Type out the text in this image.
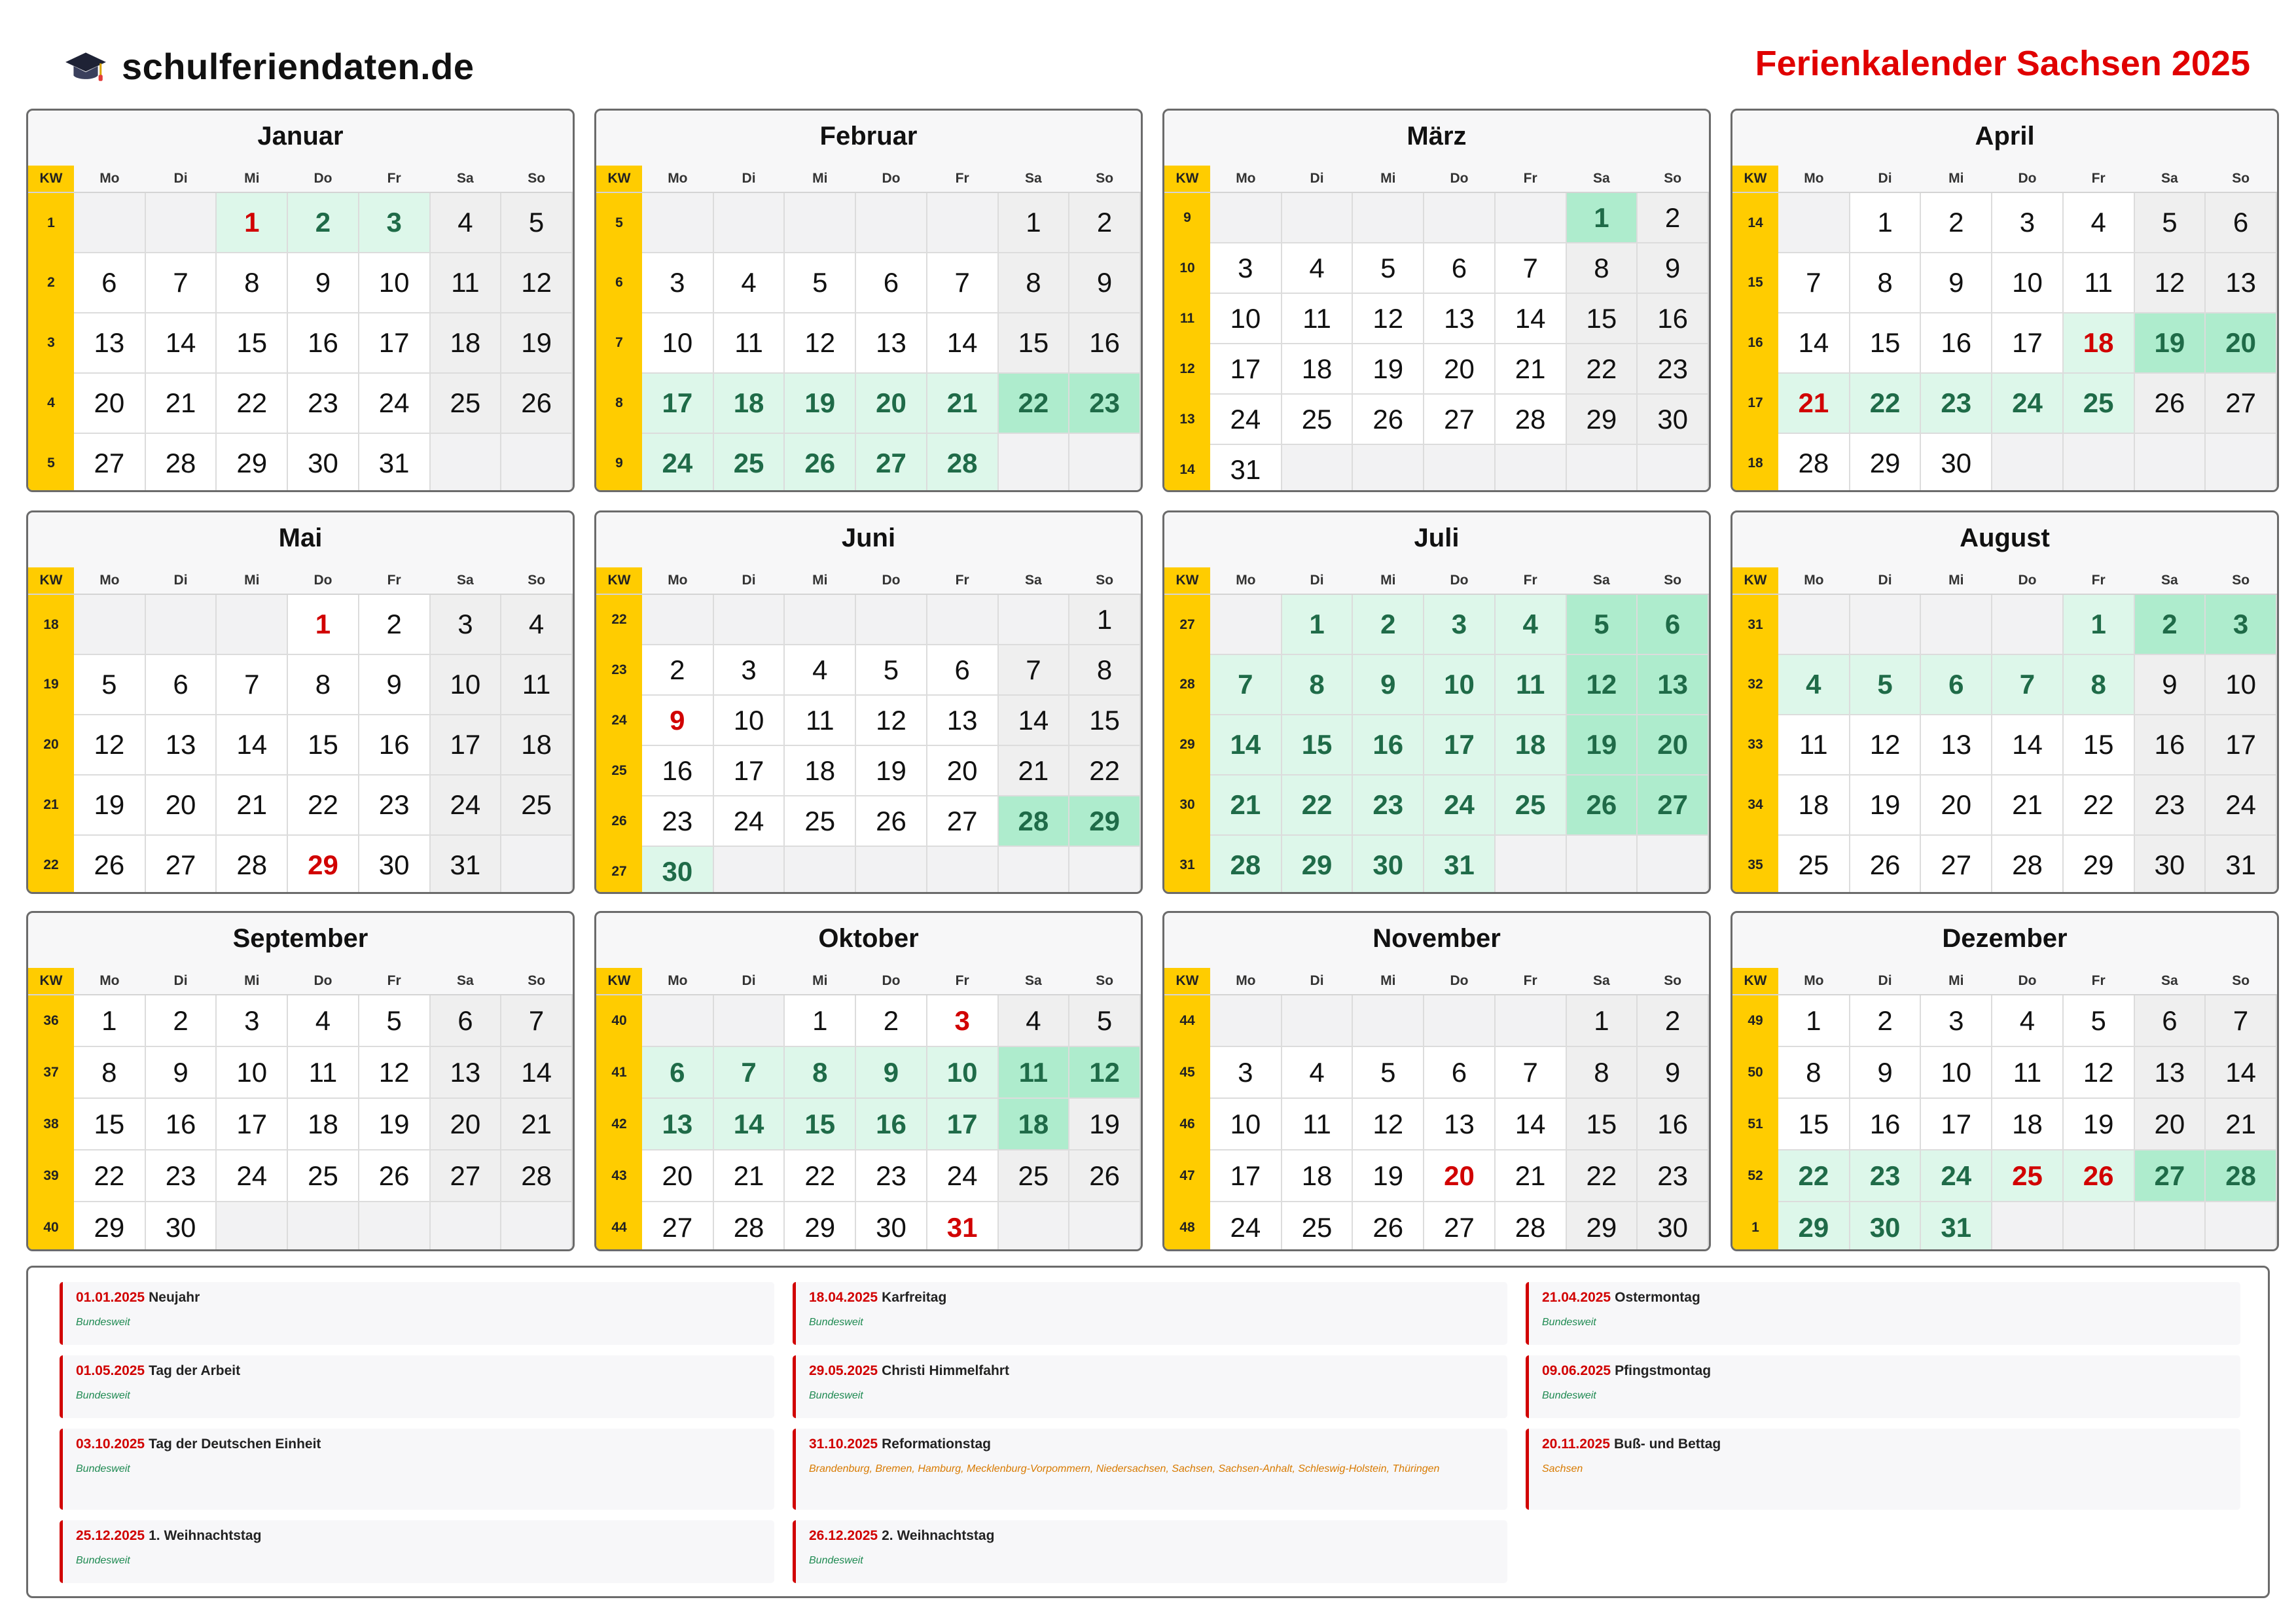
schulferiendaten.de	Ferienkalender Sachsen 2025
Januar
KW	Mo	Di	Mi	Do	Fr	Sa	So
1			1	2	3	4	5
2	6	7	8	9	10	11	12
3	13	14	15	16	17	18	19
4	20	21	22	23	24	25	26
5	27	28	29	30	31		
Februar
KW	Mo	Di	Mi	Do	Fr	Sa	So
5						1	2
6	3	4	5	6	7	8	9
7	10	11	12	13	14	15	16
8	17	18	19	20	21	22	23
9	24	25	26	27	28		
März
KW	Mo	Di	Mi	Do	Fr	Sa	So
9						1	2
10	3	4	5	6	7	8	9
11	10	11	12	13	14	15	16
12	17	18	19	20	21	22	23
13	24	25	26	27	28	29	30
14	31						
April
KW	Mo	Di	Mi	Do	Fr	Sa	So
14		1	2	3	4	5	6
15	7	8	9	10	11	12	13
16	14	15	16	17	18	19	20
17	21	22	23	24	25	26	27
18	28	29	30				
Mai
KW	Mo	Di	Mi	Do	Fr	Sa	So
18				1	2	3	4
19	5	6	7	8	9	10	11
20	12	13	14	15	16	17	18
21	19	20	21	22	23	24	25
22	26	27	28	29	30	31	
Juni
KW	Mo	Di	Mi	Do	Fr	Sa	So
22							1
23	2	3	4	5	6	7	8
24	9	10	11	12	13	14	15
25	16	17	18	19	20	21	22
26	23	24	25	26	27	28	29
27	30						
Juli
KW	Mo	Di	Mi	Do	Fr	Sa	So
27		1	2	3	4	5	6
28	7	8	9	10	11	12	13
29	14	15	16	17	18	19	20
30	21	22	23	24	25	26	27
31	28	29	30	31			
August
KW	Mo	Di	Mi	Do	Fr	Sa	So
31					1	2	3
32	4	5	6	7	8	9	10
33	11	12	13	14	15	16	17
34	18	19	20	21	22	23	24
35	25	26	27	28	29	30	31
September
KW	Mo	Di	Mi	Do	Fr	Sa	So
36	1	2	3	4	5	6	7
37	8	9	10	11	12	13	14
38	15	16	17	18	19	20	21
39	22	23	24	25	26	27	28
40	29	30					
Oktober
KW	Mo	Di	Mi	Do	Fr	Sa	So
40			1	2	3	4	5
41	6	7	8	9	10	11	12
42	13	14	15	16	17	18	19
43	20	21	22	23	24	25	26
44	27	28	29	30	31		
November
KW	Mo	Di	Mi	Do	Fr	Sa	So
44						1	2
45	3	4	5	6	7	8	9
46	10	11	12	13	14	15	16
47	17	18	19	20	21	22	23
48	24	25	26	27	28	29	30
Dezember
KW	Mo	Di	Mi	Do	Fr	Sa	So
49	1	2	3	4	5	6	7
50	8	9	10	11	12	13	14
51	15	16	17	18	19	20	21
52	22	23	24	25	26	27	28
1	29	30	31				
01.01.2025 Neujahr
Bundesweit
18.04.2025 Karfreitag
Bundesweit
21.04.2025 Ostermontag
Bundesweit
01.05.2025 Tag der Arbeit
Bundesweit
29.05.2025 Christi Himmelfahrt
Bundesweit
09.06.2025 Pfingstmontag
Bundesweit
03.10.2025 Tag der Deutschen Einheit
Bundesweit
31.10.2025 Reformationstag
Brandenburg, Bremen, Hamburg, Mecklenburg-Vorpommern, Niedersachsen, Sachsen, Sachsen-Anhalt, Schleswig-Holstein, Thüringen
20.11.2025 Buß- und Bettag
Sachsen
25.12.2025 1. Weihnachtstag
Bundesweit
26.12.2025 2. Weihnachtstag
Bundesweit
